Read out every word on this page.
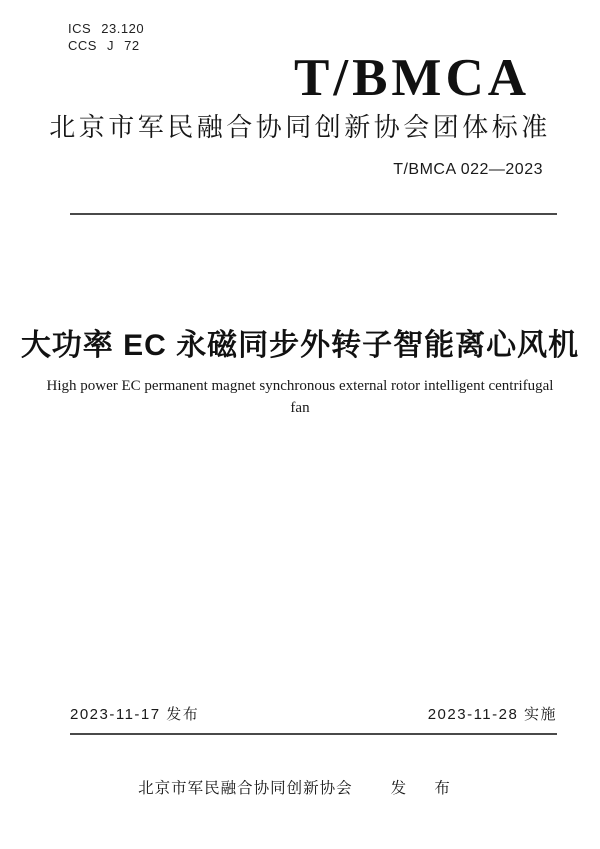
ICS 23.120
CCS J 72
T/BMCA
北京市军民融合协同创新协会团体标准
T/BMCA 022—2023
大功率 EC 永磁同步外转子智能离心风机
High power EC permanent magnet synchronous external rotor intelligent centrifugal
fan
2023-11-17 发布	2023-11-28 实施
北京市军民融合协同创新协会 发 布
